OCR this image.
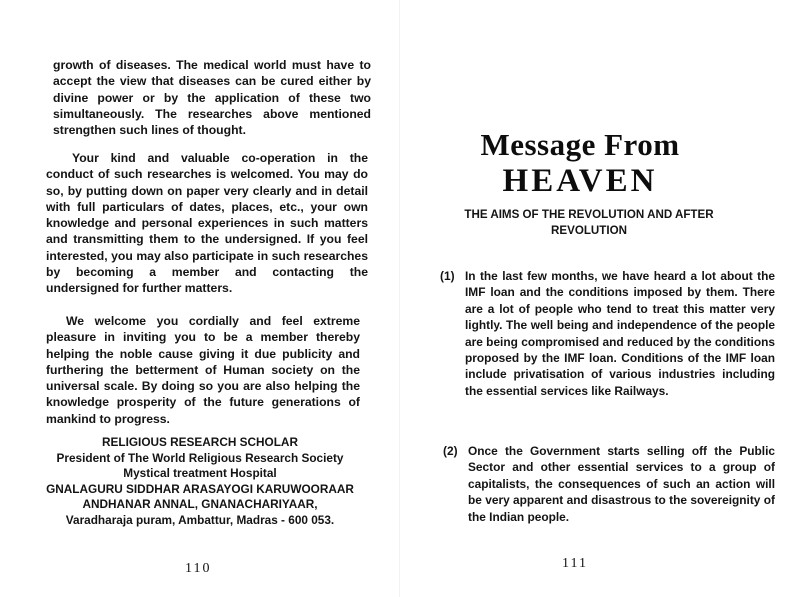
growth of diseases. The medical world must have to accept the view that diseases can be cured either by divine power or by the application of these two simultaneously. The researches above mentioned strengthen such lines of thought.
Your kind and valuable co-operation in the conduct of such researches is welcomed. You may do so, by putting down on paper very clearly and in detail with full particulars of dates, places, etc., your own knowledge and personal experiences in such matters and transmitting them to the undersigned. If you feel interested, you may also participate in such researches by becoming a member and contacting the undersigned for further matters.
We welcome you cordially and feel extreme pleasure in inviting you to be a member thereby helping the noble cause giving it due publicity and furthering the betterment of Human society on the universal scale. By doing so you are also helping the knowledge prosperity of the future generations of mankind to progress.
RELIGIOUS RESEARCH SCHOLAR
President of The World Religious Research Society
Mystical treatment Hospital
GNALAGURU SIDDHAR ARASAYOGI KARUWOORAAR
ANDHANAR ANNAL, GNANACHARIYAAR,
Varadharaja puram, Ambattur, Madras - 600 053.
110
Message From
HEAVEN
THE AIMS OF THE REVOLUTION AND AFTER
REVOLUTION
(1) In the last few months, we have heard a lot about the IMF loan and the conditions imposed by them. There are a lot of people who tend to treat this matter very lightly. The well being and independence of the people are being compromised and reduced by the conditions proposed by the IMF loan. Conditions of the IMF loan include privatisation of various industries including the essential services like Railways.
(2) Once the Government starts selling off the Public Sector and other essential services to a group of capitalists, the consequences of such an action will be very apparent and disastrous to the sovereignity of the Indian people.
111
